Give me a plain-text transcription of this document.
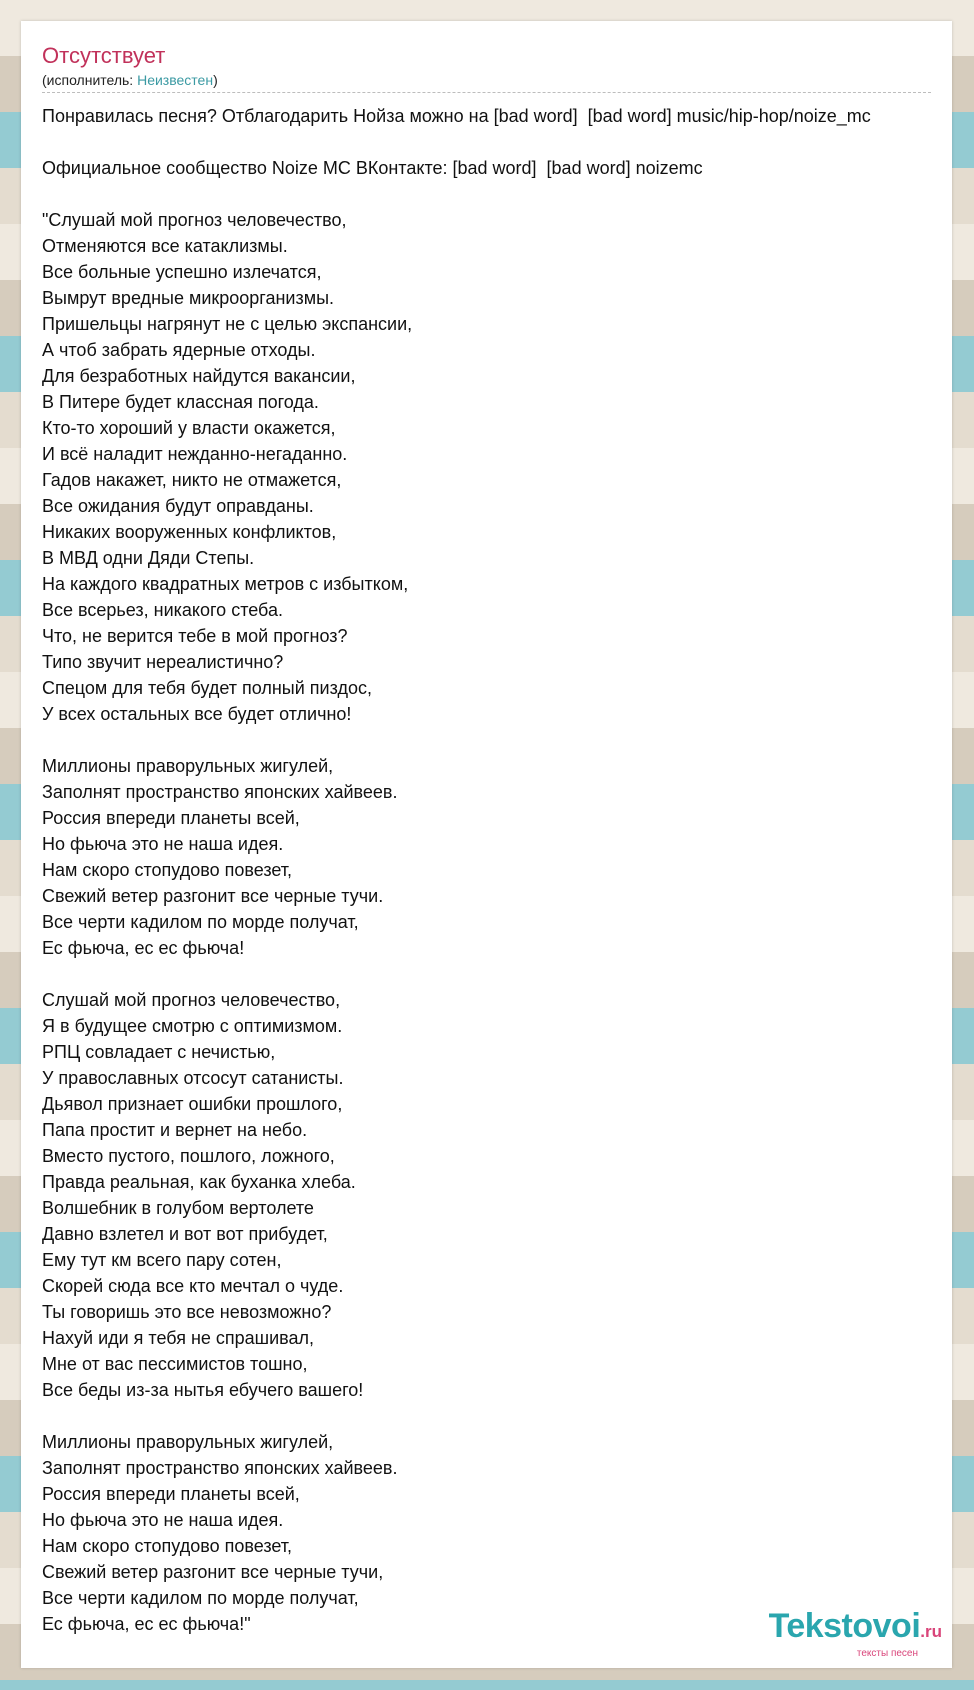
Отсутствует
(исполнитель: Неизвестен)
Понравилась песня? Отблагодарить Нойза можно на [bad word]  [bad word] music/hip-hop/noize_mc

Официальное сообщество Noize MC ВКонтакте: [bad word]  [bad word] noizemc

"Слушай мой прогноз человечество,
Отменяются все катаклизмы.
Все больные успешно излечатся,
Вымрут вредные микроорганизмы.
Пришельцы нагрянут не с целью экспансии,
А чтоб забрать ядерные отходы.
Для безработных найдутся вакансии,
В Питере будет классная погода.
Кто-то хороший у власти окажется,
И всё наладит нежданно-негаданно.
Гадов накажет, никто не отмажется,
Все ожидания будут оправданы.
Никаких вооруженных конфликтов,
В МВД одни Дяди Степы.
На каждого квадратных метров с избытком,
Все всерьез, никакого стеба.
Что, не верится тебе в мой прогноз?
Типо звучит нереалистично?
Спецом для тебя будет полный пиздос,
У всех остальных все будет отлично!

Миллионы праворульных жигулей,
Заполнят пространство японских хайвеев.
Россия впереди планеты всей,
Но фьюча это не наша идея.
Нам скоро стопудово повезет,
Свежий ветер разгонит все черные тучи.
Все черти кадилом по морде получат,
Ес фьюча, ес ес фьюча!

Слушай мой прогноз человечество,
Я в будущее смотрю с оптимизмом.
РПЦ совладает с нечистью,
У православных отсосут сатанисты.
Дьявол признает ошибки прошлого,
Папа простит и вернет на небо.
Вместо пустого, пошлого, ложного,
Правда реальная, как буханка хлеба.
Волшебник в голубом вертолете
Давно взлетел и вот вот прибудет,
Ему тут км всего пару сотен,
Скорей сюда все кто мечтал о чуде.
Ты говоришь это все невозможно?
Нахуй иди я тебя не спрашивал,
Мне от вас пессимистов тошно,
Все беды из-за нытья ебучего вашего!

Миллионы праворульных жигулей,
Заполнят пространство японских хайвеев.
Россия впереди планеты всей,
Но фьюча это не наша идея.
Нам скоро стопудово повезет,
Свежий ветер разгонит все черные тучи,
Все черти кадилом по морде получат,
Ес фьюча, ес ес фьюча!"	Tekstovoi.ru
тексты песен
